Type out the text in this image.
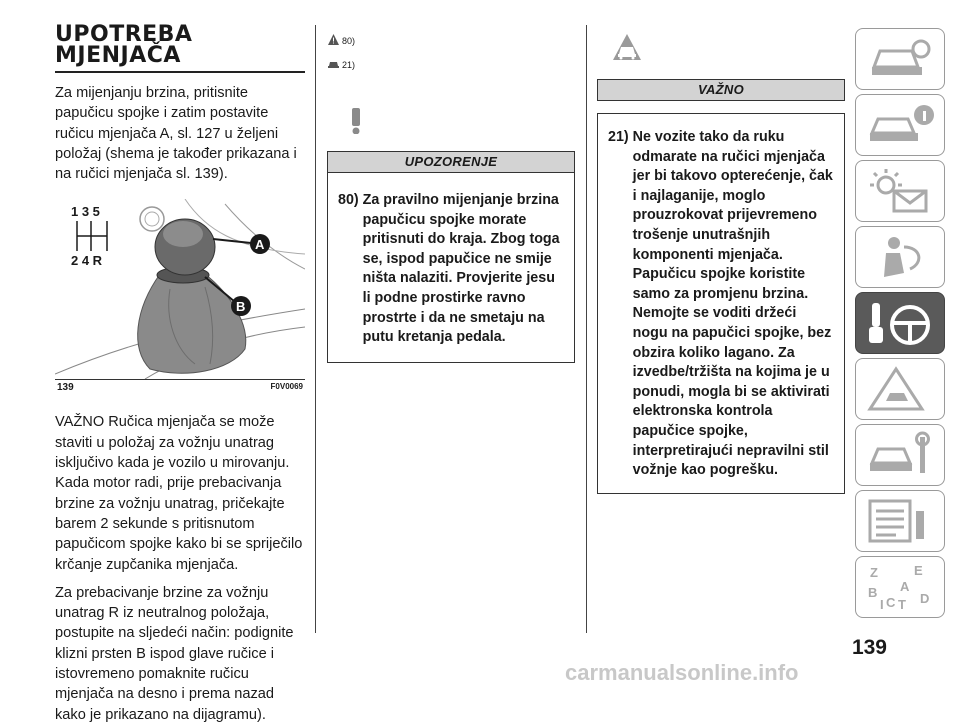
UPOTREBA
MJENJAČA

Za mijenjanju brzina, pritisnite papučicu spojke i zatim postavite ručicu mjenjača A, sl. 127 u željeni položaj (shema je također prikazana i na ručici mjenjača sl. 139).

1 3 5
2 4 R
A
B
139	F0V0069

VAŽNO Ručica mjenjača se može staviti u položaj za vožnju unatrag isključivo kada je vozilo u mirovanju. Kada motor radi, prije prebacivanja brzine za vožnju unatrag, pričekajte barem 2 sekunde s pritisnutom papučicom spojke kako bi se spriječilo krčanje zupčanika mjenjača.

Za prebacivanje brzine za vožnju unatrag R iz neutralnog položaja, postupite na sljedeći način: podignite klizni prsten B ispod glave ručice i istovremeno pomaknite ručicu mjenjača na desno i prema nazad kako je prikazano na dijagramu).

80)
21)
UPOZORENJE
80) Za pravilno mijenjanje brzina papučicu spojke morate pritisnuti do kraja. Zbog toga se, ispod papučice ne smije ništa nalaziti. Provjerite jesu li podne prostirke ravno prostrte i da ne smetaju na putu kretanja pedala.
VAŽNO
21) Ne vozite tako da ruku odmarate na ručici mjenjača jer bi takovo opterećenje, čak i najlaganije, moglo prouzrokovat prijevremeno trošenje unutrašnjih komponenti mjenjača. Papučicu spojke koristite samo za promjenu brzina. Nemojte se voditi držeći nogu na papučici spojke, bez obzira koliko lagano. Za izvedbe/tržišta na kojima je u ponudi, mogla bi se aktivirati elektronska kontrola papučice spojke, interpretirajući nepravilni stil vožnje kao pogrešku.
Z	E
A
B
C D
I T
139
carmanualsonline.info
